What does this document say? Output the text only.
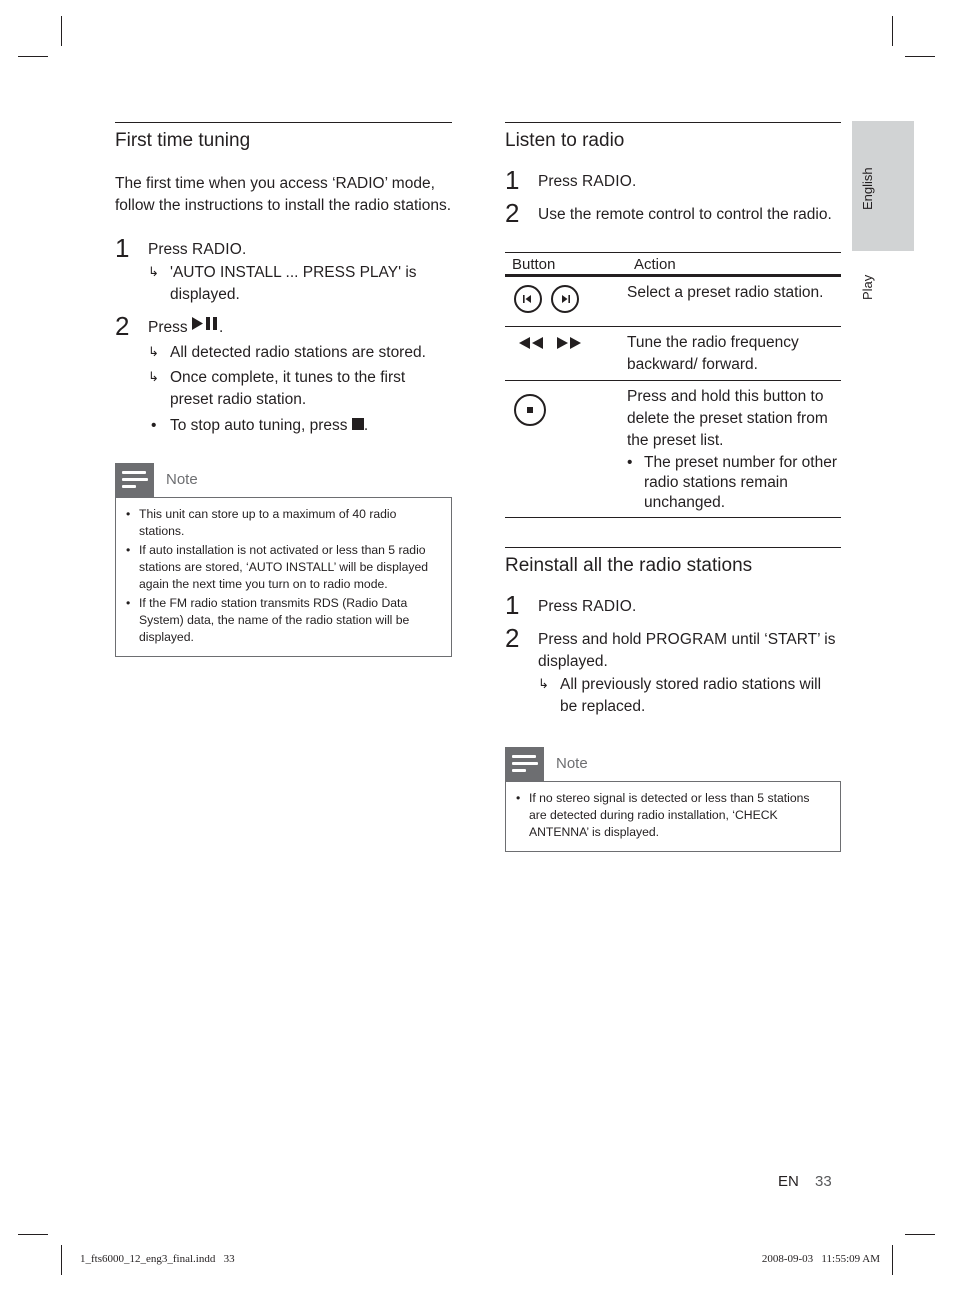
English
Play
First time tuning
The first time when you access ‘RADIO’ mode, follow the instructions to install the radio stations.
1 Press RADIO.
↳ 'AUTO INSTALL ... PRESS PLAY' is displayed.
2 Press .
↳ All detected radio stations are stored.
↳ Once complete, it tunes to the first preset radio station.
• To stop auto tuning, press .
Note
• This unit can store up to a maximum of 40 radio stations.
• If auto installation is not activated or less than 5 radio stations are stored, ‘AUTO INSTALL’ will be displayed again the next time you turn on to radio mode.
• If the FM radio station transmits RDS (Radio Data System) data, the name of the radio station will be displayed.
Listen to radio
1 Press RADIO.
2 Use the remote control to control the radio.
Button	Action

	Select a preset radio station.
	Tune the radio frequency backward/ forward.

	Press and hold this button to delete the preset station from the preset list.
• The preset number for other radio stations remain unchanged.
Reinstall all the radio stations
1 Press RADIO.
2 Press and hold PROGRAM until ‘START’ is displayed.
↳ All previously stored radio stations will be replaced.
Note
• If no stereo signal is detected or less than 5 stations are detected during radio installation, ‘CHECK ANTENNA’ is displayed.
EN 33
1_fts6000_12_eng3_final.indd   33	2008-09-03   11:55:09 AM
